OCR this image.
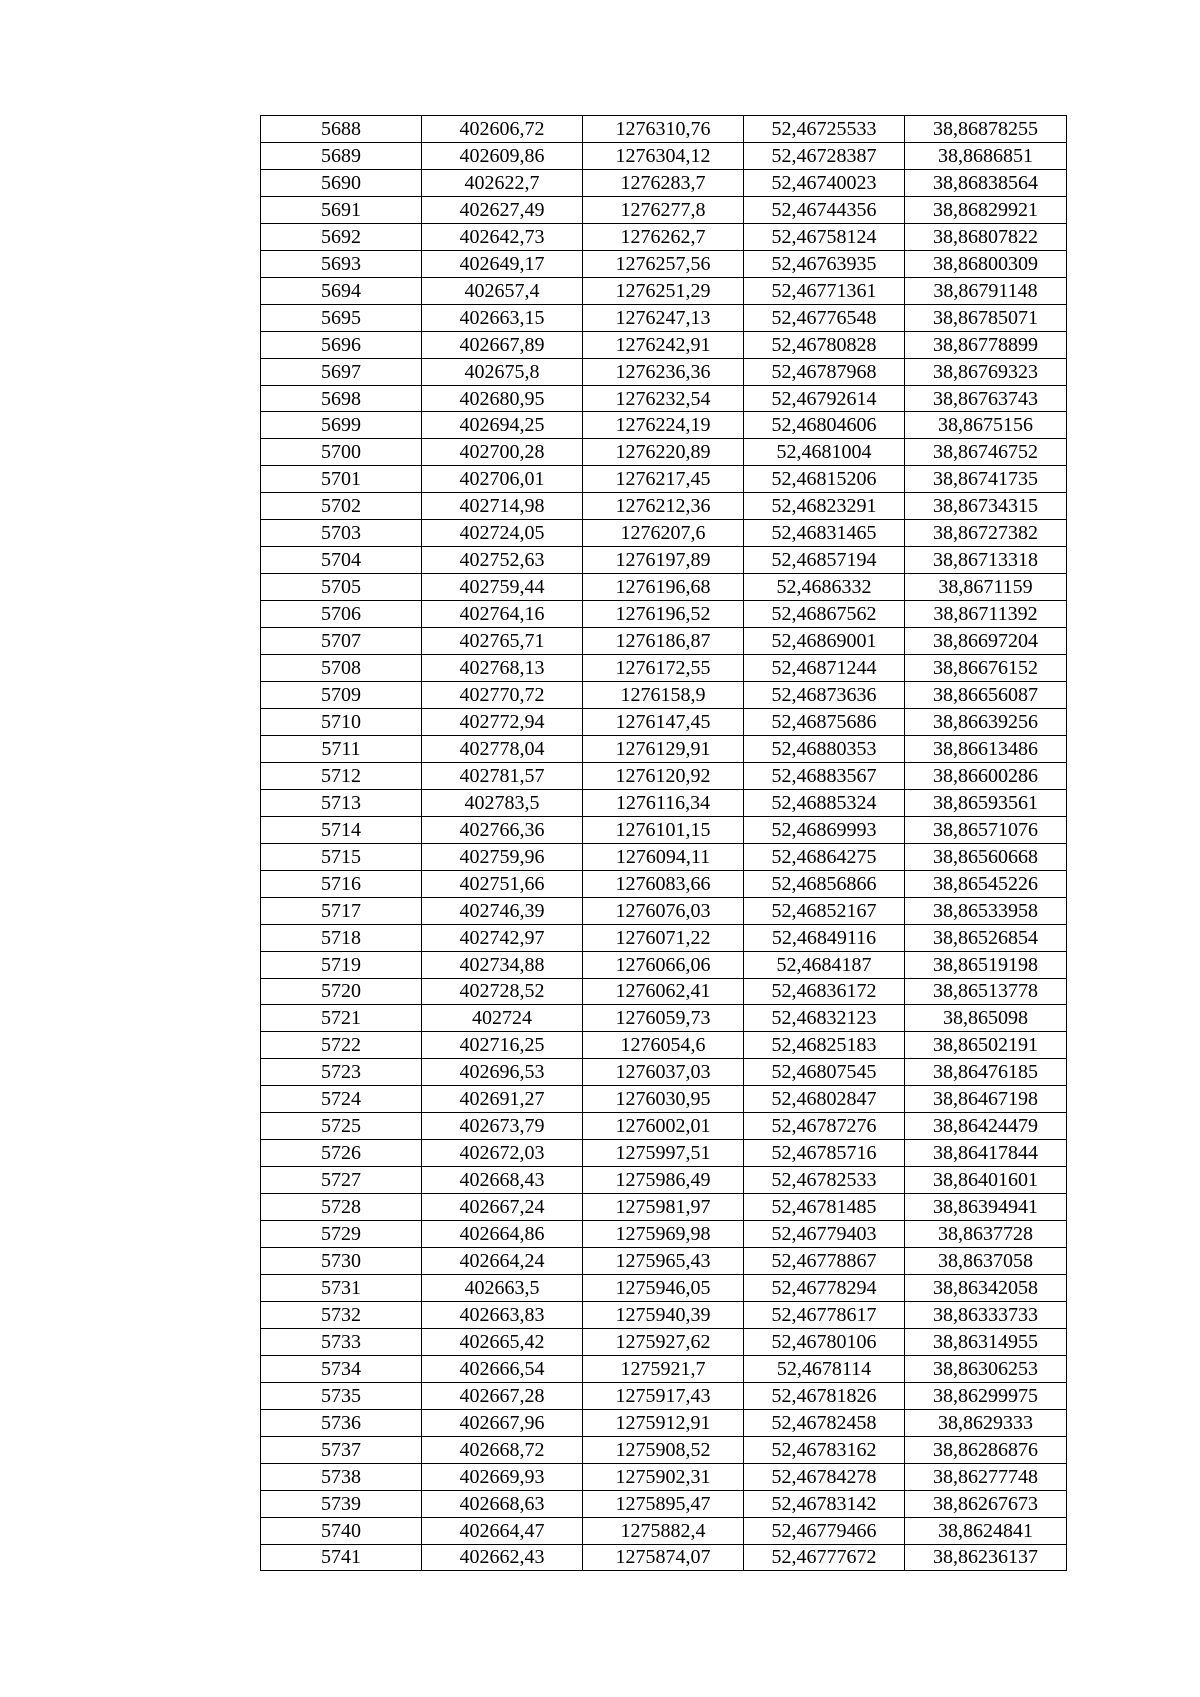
5688	402606,72	1276310,76	52,46725533	38,86878255
5689	402609,86	1276304,12	52,46728387	38,8686851
5690	402622,7	1276283,7	52,46740023	38,86838564
5691	402627,49	1276277,8	52,46744356	38,86829921
5692	402642,73	1276262,7	52,46758124	38,86807822
5693	402649,17	1276257,56	52,46763935	38,86800309
5694	402657,4	1276251,29	52,46771361	38,86791148
5695	402663,15	1276247,13	52,46776548	38,86785071
5696	402667,89	1276242,91	52,46780828	38,86778899
5697	402675,8	1276236,36	52,46787968	38,86769323
5698	402680,95	1276232,54	52,46792614	38,86763743
5699	402694,25	1276224,19	52,46804606	38,8675156
5700	402700,28	1276220,89	52,4681004	38,86746752
5701	402706,01	1276217,45	52,46815206	38,86741735
5702	402714,98	1276212,36	52,46823291	38,86734315
5703	402724,05	1276207,6	52,46831465	38,86727382
5704	402752,63	1276197,89	52,46857194	38,86713318
5705	402759,44	1276196,68	52,4686332	38,8671159
5706	402764,16	1276196,52	52,46867562	38,86711392
5707	402765,71	1276186,87	52,46869001	38,86697204
5708	402768,13	1276172,55	52,46871244	38,86676152
5709	402770,72	1276158,9	52,46873636	38,86656087
5710	402772,94	1276147,45	52,46875686	38,86639256
5711	402778,04	1276129,91	52,46880353	38,86613486
5712	402781,57	1276120,92	52,46883567	38,86600286
5713	402783,5	1276116,34	52,46885324	38,86593561
5714	402766,36	1276101,15	52,46869993	38,86571076
5715	402759,96	1276094,11	52,46864275	38,86560668
5716	402751,66	1276083,66	52,46856866	38,86545226
5717	402746,39	1276076,03	52,46852167	38,86533958
5718	402742,97	1276071,22	52,46849116	38,86526854
5719	402734,88	1276066,06	52,4684187	38,86519198
5720	402728,52	1276062,41	52,46836172	38,86513778
5721	402724	1276059,73	52,46832123	38,865098
5722	402716,25	1276054,6	52,46825183	38,86502191
5723	402696,53	1276037,03	52,46807545	38,86476185
5724	402691,27	1276030,95	52,46802847	38,86467198
5725	402673,79	1276002,01	52,46787276	38,86424479
5726	402672,03	1275997,51	52,46785716	38,86417844
5727	402668,43	1275986,49	52,46782533	38,86401601
5728	402667,24	1275981,97	52,46781485	38,86394941
5729	402664,86	1275969,98	52,46779403	38,8637728
5730	402664,24	1275965,43	52,46778867	38,8637058
5731	402663,5	1275946,05	52,46778294	38,86342058
5732	402663,83	1275940,39	52,46778617	38,86333733
5733	402665,42	1275927,62	52,46780106	38,86314955
5734	402666,54	1275921,7	52,4678114	38,86306253
5735	402667,28	1275917,43	52,46781826	38,86299975
5736	402667,96	1275912,91	52,46782458	38,8629333
5737	402668,72	1275908,52	52,46783162	38,86286876
5738	402669,93	1275902,31	52,46784278	38,86277748
5739	402668,63	1275895,47	52,46783142	38,86267673
5740	402664,47	1275882,4	52,46779466	38,8624841
5741	402662,43	1275874,07	52,46777672	38,86236137
